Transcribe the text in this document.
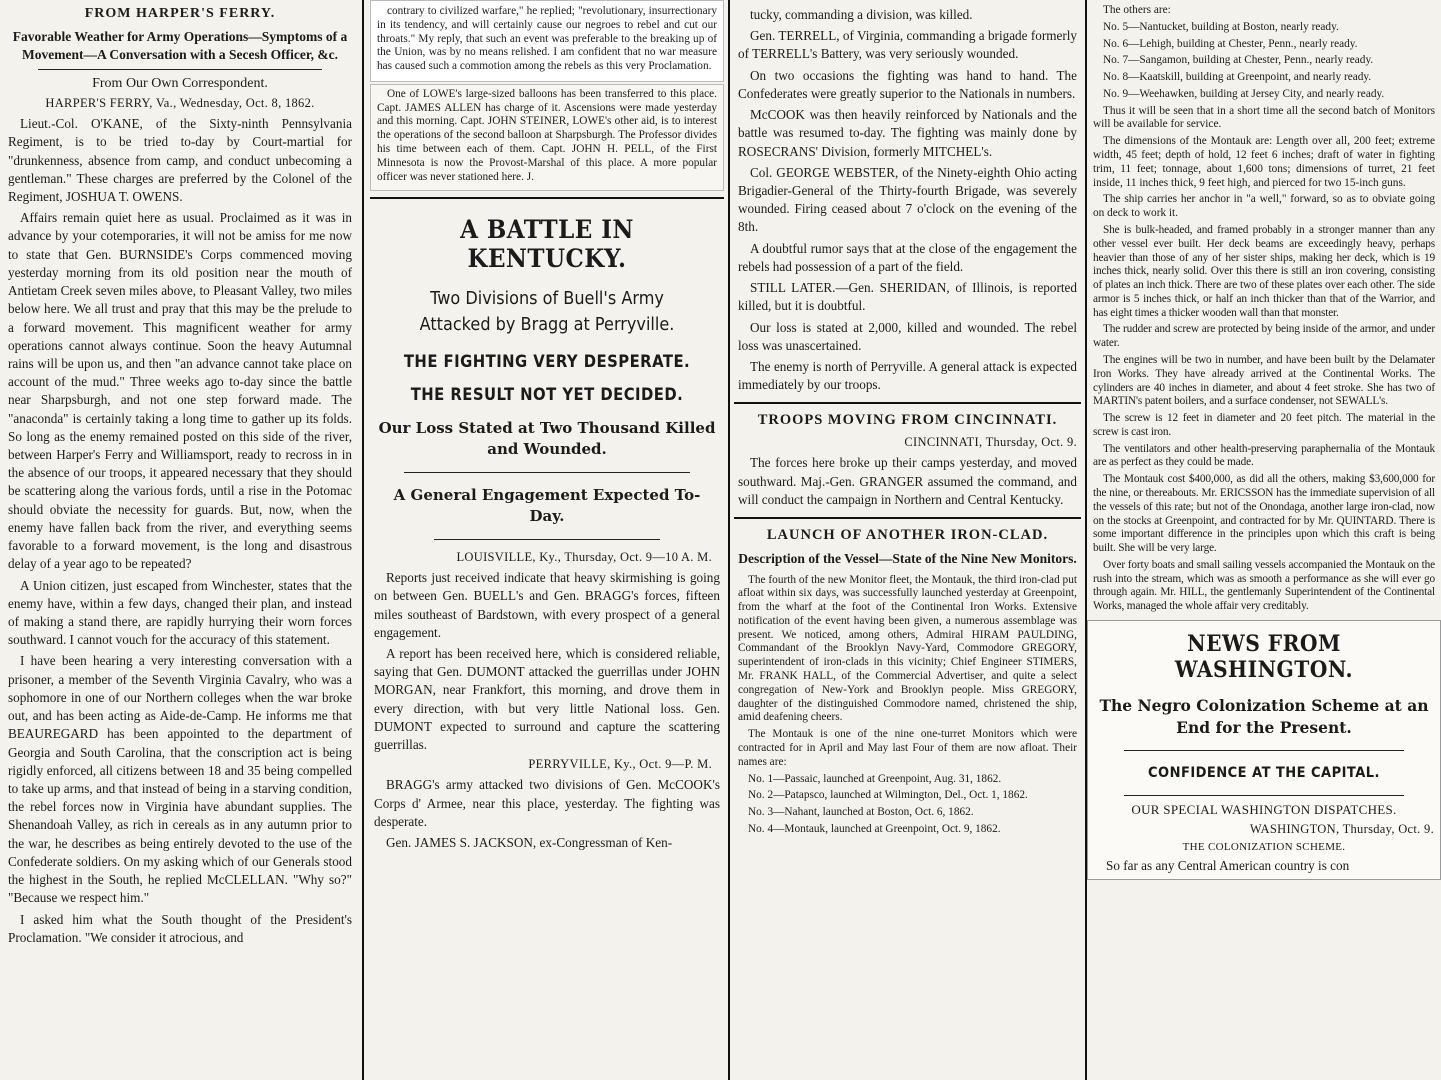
FROM HARPER'S FERRY.
Favorable Weather for Army Operations—Symptoms of a Movement—A Conversation with a Secesh Officer, &c.
From Our Own Correspondent.
HARPER'S FERRY, Va., Wednesday, Oct. 8, 1862.

Lieut.-Col. O'KANE, of the Sixty-ninth Pennsylvania Regiment, is to be tried to-day by Court-martial for "drunkenness, absence from camp, and conduct unbecoming a gentleman." These charges are preferred by the Colonel of the Regiment, JOSHUA T. OWENS.

Affairs remain quiet here as usual. Proclaimed as it was in advance by your cotemporaries, it will not be amiss for me now to state that Gen. BURNSIDE's Corps commenced moving yesterday morning from its old position near the mouth of Antietam Creek seven miles above, to Pleasant Valley, two miles below here. We all trust and pray that this may be the prelude to a forward movement. This magnificent weather for army operations cannot always continue. Soon the heavy Autumnal rains will be upon us, and then "an advance cannot take place on account of the mud." Three weeks ago to-day since the battle near Sharpsburgh, and not one step forward made. The "anaconda" is certainly taking a long time to gather up its folds. So long as the enemy remained posted on this side of the river, between Harper's Ferry and Williamsport, ready to recross in in the absence of our troops, it appeared necessary that they should be scattering along the various fords, until a rise in the Potomac should obviate the necessity for guards. But, now, when the enemy have fallen back from the river, and everything seems favorable to a forward movement, is the long and disastrous delay of a year ago to be repeated?

A Union citizen, just escaped from Winchester, states that the enemy have, within a few days, changed their plan, and instead of making a stand there, are rapidly hurrying their worn forces southward. I cannot vouch for the accuracy of this statement.

I have been hearing a very interesting conversation with a prisoner, a member of the Seventh Virginia Cavalry, who was a sophomore in one of our Northern colleges when the war broke out, and has been acting as Aide-de-Camp. He informs me that BEAUREGARD has been appointed to the department of Georgia and South Carolina, that the conscription act is being rigidly enforced, all citizens between 18 and 35 being compelled to take up arms, and that instead of being in a starving condition, the rebel forces now in Virginia have abundant supplies. The Shenandoah Valley, as rich in cereals as in any autumn prior to the war, he describes as being entirely devoted to the use of the Confederate soldiers. On my asking which of our Generals stood the highest in the South, he replied McCLELLAN. "Why so?" "Because we respect him."

I asked him what the South thought of the President's Proclamation. "We consider it atrocious, and

contrary to civilized warfare," he replied; "revolutionary, insurrectionary in its tendency, and will certainly cause our negroes to rebel and cut our throats." My reply, that such an event was preferable to the breaking up of the Union, was by no means relished. I am confident that no war measure has caused such a commotion among the rebels as this very Proclamation.

One of LOWE's large-sized balloons has been transferred to this place. Capt. JAMES ALLEN has charge of it. Ascensions were made yesterday and this morning. Capt. JOHN STEINER, LOWE's other aid, is to interest the operations of the second balloon at Sharpsburgh. The Professor divides his time between each of them. Capt. JOHN H. PELL, of the First Minnesota is now the Provost-Marshal of this place. A more popular officer was never stationed here. J.

A BATTLE IN KENTUCKY.
Two Divisions of Buell's Army Attacked by Bragg at Perryville.
THE FIGHTING VERY DESPERATE.
THE RESULT NOT YET DECIDED.
Our Loss Stated at Two Thousand Killed and Wounded.
A General Engagement Expected To-Day.
LOUISVILLE, Ky., Thursday, Oct. 9—10 A. M.

Reports just received indicate that heavy skirmishing is going on between Gen. BUELL's and Gen. BRAGG's forces, fifteen miles southeast of Bardstown, with every prospect of a general engagement.

A report has been received here, which is considered reliable, saying that Gen. DUMONT attacked the guerrillas under JOHN MORGAN, near Frankfort, this morning, and drove them in every direction, with but very little National loss. Gen. DUMONT expected to surround and capture the scattering guerrillas.

PERRYVILLE, Ky., Oct. 9—P. M.

BRAGG's army attacked two divisions of Gen. McCOOK's Corps d' Armee, near this place, yesterday. The fighting was desperate.

Gen. JAMES S. JACKSON, ex-Congressman of Ken-

tucky, commanding a division, was killed.

Gen. TERRELL, of Virginia, commanding a brigade formerly of TERRELL's Battery, was very seriously wounded.

On two occasions the fighting was hand to hand. The Confederates were greatly superior to the Nationals in numbers.

McCOOK was then heavily reinforced by Nationals and the battle was resumed to-day. The fighting was mainly done by ROSECRANS' Division, formerly MITCHEL's.

Col. GEORGE WEBSTER, of the Ninety-eighth Ohio acting Brigadier-General of the Thirty-fourth Brigade, was severely wounded. Firing ceased about 7 o'clock on the evening of the 8th.

A doubtful rumor says that at the close of the engagement the rebels had possession of a part of the field.

STILL LATER.—Gen. SHERIDAN, of Illinois, is reported killed, but it is doubtful.

Our loss is stated at 2,000, killed and wounded. The rebel loss was unascertained.

The enemy is north of Perryville. A general attack is expected immediately by our troops.

TROOPS MOVING FROM CINCINNATI.
CINCINNATI, Thursday, Oct. 9.

The forces here broke up their camps yesterday, and moved southward. Maj.-Gen. GRANGER assumed the command, and will conduct the campaign in Northern and Central Kentucky.

LAUNCH OF ANOTHER IRON-CLAD.
Description of the Vessel—State of the Nine New Monitors.

The fourth of the new Monitor fleet, the Montauk, the third iron-clad put afloat within six days, was successfully launched yesterday at Greenpoint, from the wharf at the foot of the Continental Iron Works. Extensive notification of the event having been given, a numerous assemblage was present. We noticed, among others, Admiral HIRAM PAULDING, Commandant of the Brooklyn Navy-Yard, Commodore GREGORY, superintendent of iron-clads in this vicinity; Chief Engineer STIMERS, Mr. FRANK HALL, of the Commercial Advertiser, and quite a select congregation of New-York and Brooklyn people. Miss GREGORY, daughter of the distinguished Commodore named, christened the ship, amid deafening cheers.

The Montauk is one of the nine one-turret Monitors which were contracted for in April and May last Four of them are now afloat. Their names are:

No. 1—Passaic, launched at Greenpoint, Aug. 31, 1862.

No. 2—Patapsco, launched at Wilmington, Del., Oct. 1, 1862.

No. 3—Nahant, launched at Boston, Oct. 6, 1862.

No. 4—Montauk, launched at Greenpoint, Oct. 9, 1862.

The others are:

No. 5—Nantucket, building at Boston, nearly ready.

No. 6—Lehigh, building at Chester, Penn., nearly ready.

No. 7—Sangamon, building at Chester, Penn., nearly ready.

No. 8—Kaatskill, building at Greenpoint, and nearly ready.

No. 9—Weehawken, building at Jersey City, and nearly ready.

Thus it will be seen that in a short time all the second batch of Monitors will be available for service.

The dimensions of the Montauk are: Length over all, 200 feet; extreme width, 45 feet; depth of hold, 12 feet 6 inches; draft of water in fighting trim, 11 feet; tonnage, about 1,600 tons; dimensions of turret, 21 feet inside, 11 inches thick, 9 feet high, and pierced for two 15-inch guns.

The ship carries her anchor in "a well," forward, so as to obviate going on deck to work it.

She is bulk-headed, and framed probably in a stronger manner than any other vessel ever built. Her deck beams are exceedingly heavy, perhaps heavier than those of any of her sister ships, making her deck, which is 19 inches thick, nearly solid. Over this there is still an iron covering, consisting of plates an inch thick. There are two of these plates over each other. The side armor is 5 inches thick, or half an inch thicker than that of the Warrior, and has eight times a thicker wooden wall than that monster.

The rudder and screw are protected by being inside of the armor, and under water.

The engines will be two in number, and have been built by the Delamater Iron Works. They have already arrived at the Continental Works. The cylinders are 40 inches in diameter, and about 4 feet stroke. She has two of MARTIN's patent boilers, and a surface condenser, not SEWALL's.

The screw is 12 feet in diameter and 20 feet pitch. The material in the screw is cast iron.

The ventilators and other health-preserving paraphernalia of the Montauk are as perfect as they could be made.

The Montauk cost $400,000, as did all the others, making $3,600,000 for the nine, or thereabouts. Mr. ERICSSON has the immediate supervision of all the vessels of this rate; but not of the Onondaga, another large iron-clad, now on the stocks at Greenpoint, and contracted for by Mr. QUINTARD. There is some important difference in the principles upon which this craft is being built. She will be very large.

Over forty boats and small sailing vessels accompanied the Montauk on the rush into the stream, which was as smooth a performance as she will ever go through again. Mr. HILL, the gentlemanly Superintendent of the Continental Works, managed the whole affair very creditably.

NEWS FROM WASHINGTON.
The Negro Colonization Scheme at an End for the Present.
CONFIDENCE AT THE CAPITAL.
OUR SPECIAL WASHINGTON DISPATCHES.
WASHINGTON, Thursday, Oct. 9.
THE COLONIZATION SCHEME.

So far as any Central American country is con
